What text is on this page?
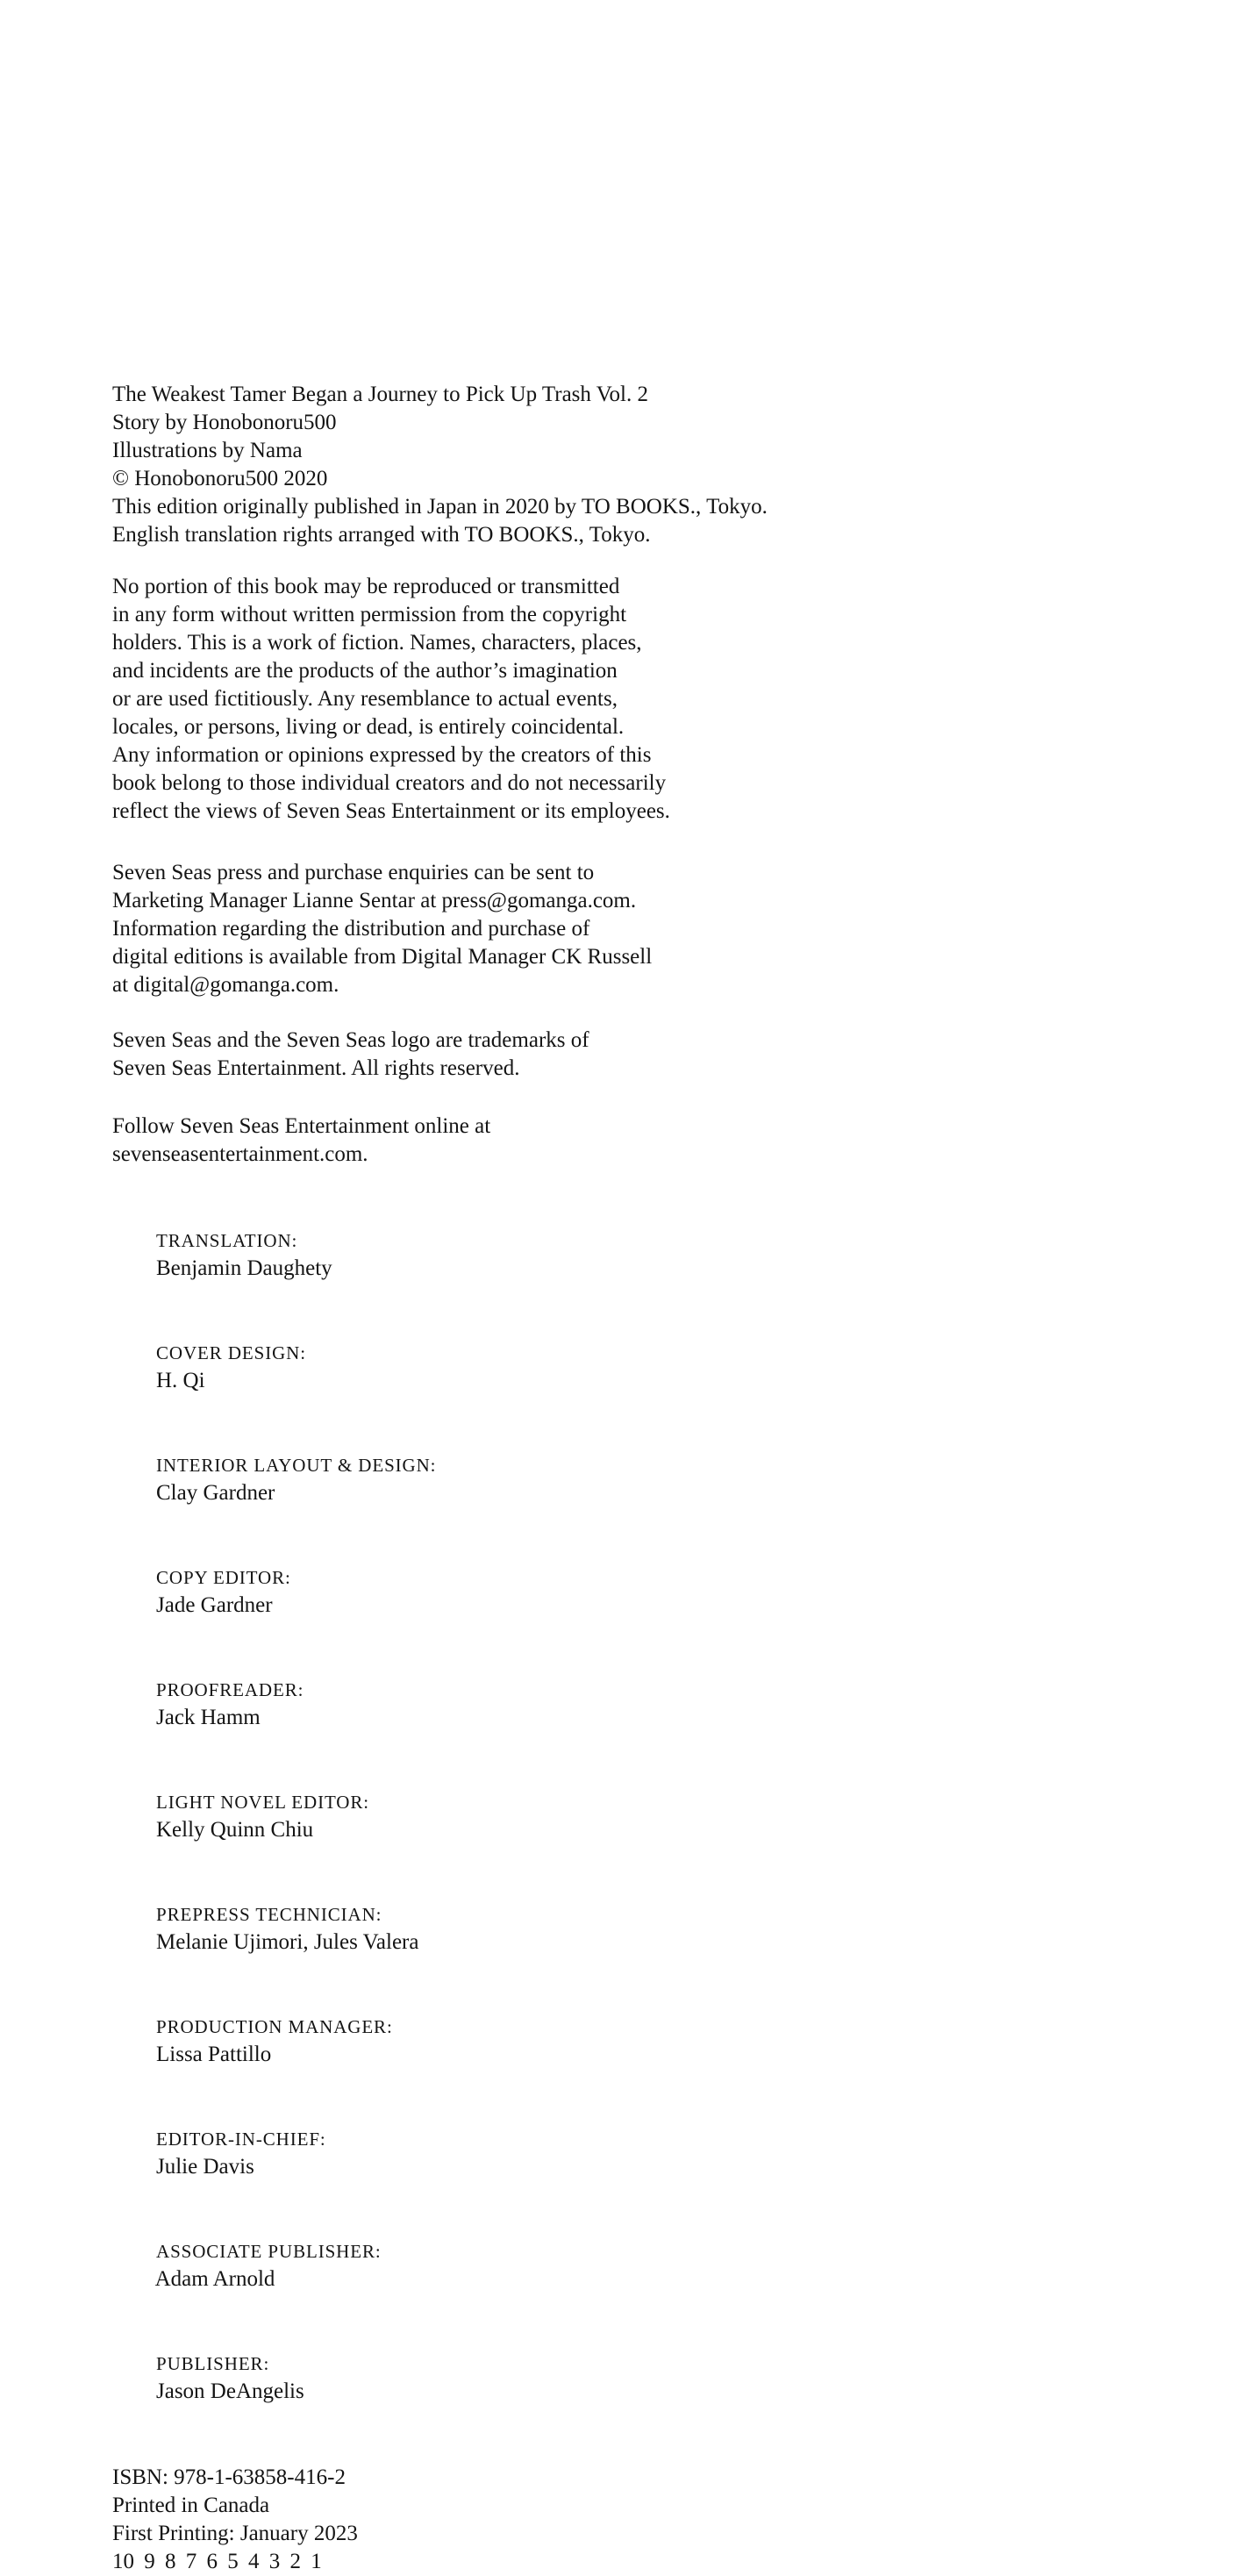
The Weakest Tamer Began a Journey to Pick Up Trash Vol. 2
Story by Honobonoru500
Illustrations by Nama
© Honobonoru500 2020
This edition originally published in Japan in 2020 by TO BOOKS., Tokyo.
English translation rights arranged with TO BOOKS., Tokyo.
No portion of this book may be reproduced or transmitted
in any form without written permission from the copyright
holders. This is a work of fiction. Names, characters, places,
and incidents are the products of the author’s imagination
or are used fictitiously. Any resemblance to actual events,
locales, or persons, living or dead, is entirely coincidental.
Any information or opinions expressed by the creators of this
book belong to those individual creators and do not necessarily
reflect the views of Seven Seas Entertainment or its employees.
Seven Seas press and purchase enquiries can be sent to
Marketing Manager Lianne Sentar at press@gomanga.com.
Information regarding the distribution and purchase of
digital editions is available from Digital Manager CK Russell
at digital@gomanga.com.
Seven Seas and the Seven Seas logo are trademarks of
Seven Seas Entertainment. All rights reserved.
Follow Seven Seas Entertainment online at
sevenseasentertainment.com.

TRANSLATION:
Benjamin Daughety

COVER DESIGN:
H. Qi

INTERIOR LAYOUT & DESIGN:
Clay Gardner

COPY EDITOR:
Jade Gardner

PROOFREADER:
Jack Hamm

LIGHT NOVEL EDITOR:
Kelly Quinn Chiu

PREPRESS TECHNICIAN:
Melanie Ujimori, Jules Valera

PRODUCTION MANAGER:
Lissa Pattillo

EDITOR-IN-CHIEF:
Julie Davis

ASSOCIATE PUBLISHER:
Adam Arnold

PUBLISHER:
Jason DeAngelis

ISBN: 978-1-63858-416-2
Printed in Canada
First Printing: January 2023
10 9 8 7 6 5 4 3 2 1
